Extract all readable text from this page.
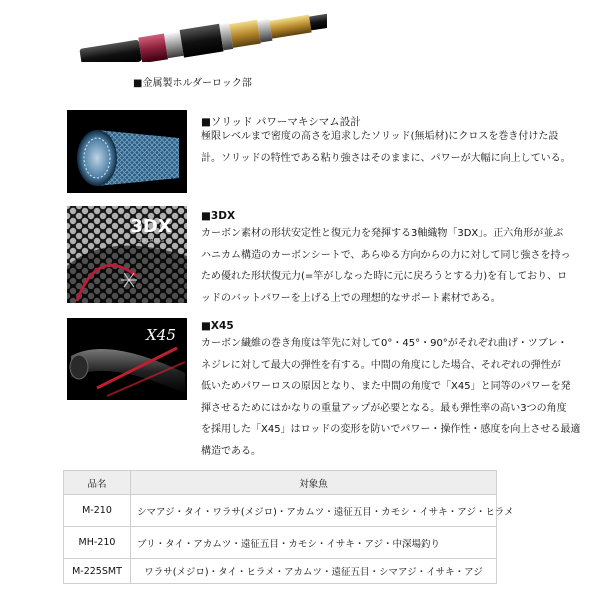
■金属製ホルダーロック部
■ソリッド パワーマキシマム設計
極限レベルまで密度の高さを追求したソリッド(無垢材)にクロスを巻き付けた設
計。ソリッドの特性である粘り強さはそのままに、パワーが大幅に向上している。
3DX
3D CROSS
■3DX
カーボン素材の形状安定性と復元力を発揮する3軸織物「3DX」。正六角形が並ぶ
ハニカム構造のカーボンシートで、あらゆる方向からの力に対して同じ強さを持っ
ため優れた形状復元力(=竿がしなった時に元に戻ろうとする力)を有しており、ロ
ッドのバットパワーを上げる上での理想的なサポート素材である。
X45 ■X45
カーボン繊維の巻き角度は竿先に対して0°・45°・90°がそれぞれ曲げ・ツブレ・
ネジレに対して最大の弾性を有する。中間の角度にした場合、それぞれの弾性が
低いためパワーロスの原因となり、また中間の角度で「X45」と同等のパワーを発
揮させるためにはかなりの重量アップが必要となる。最も弾性率の高い3つの角度
を採用した「X45」はロッドの変形を防いでパワー・操作性・感度を向上させる最適
構造である。
品名	対象魚
M-210	シマアジ・タイ・ワラサ(メジロ)・アカムツ・遠征五目・カモシ・イサキ・アジ・ヒラメ
MH-210	ブリ・タイ・アカムツ・遠征五目・カモシ・イサキ・アジ・中深場釣り
M-225SMT	ワラサ(メジロ)・タイ・ヒラメ・アカムツ・遠征五目・シマアジ・イサキ・アジ
